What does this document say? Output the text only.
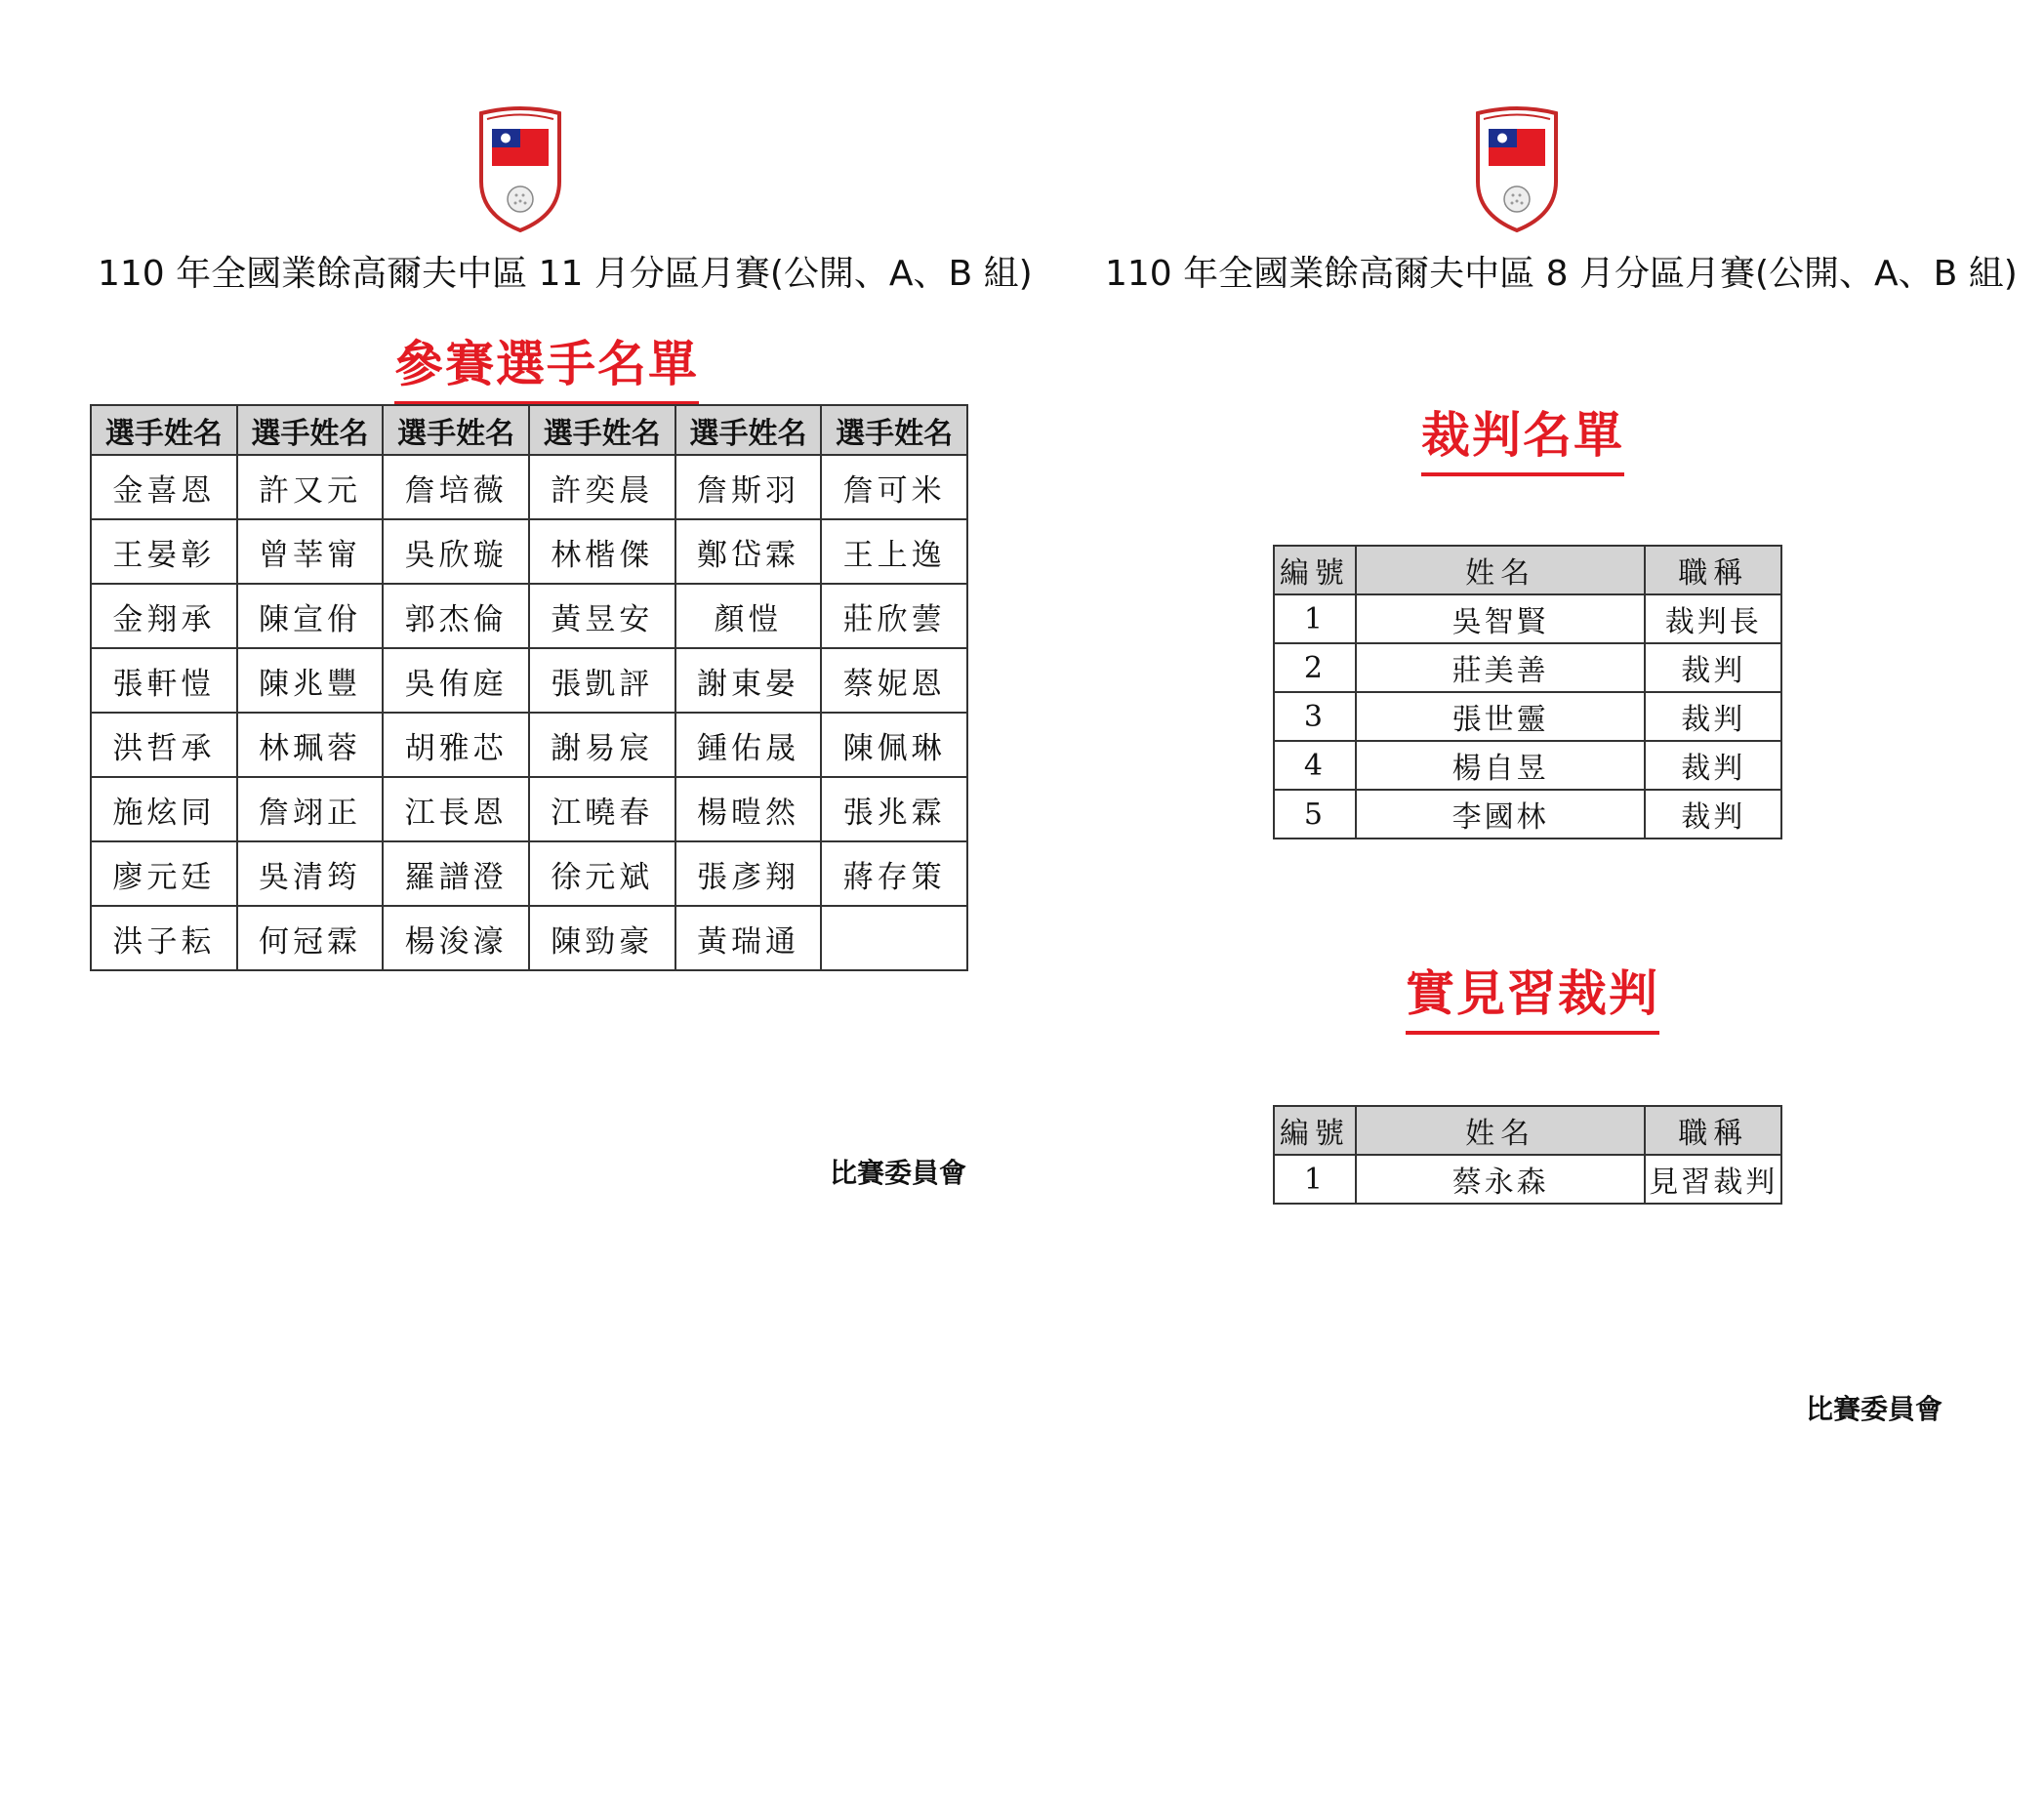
110 年全國業餘高爾夫中區 11 月分區月賽(公開、A、B 組)
參賽選手名單
選手姓名	選手姓名	選手姓名	選手姓名	選手姓名	選手姓名
金喜恩	許又元	詹培薇	許奕晨	詹斯羽	詹可米
王晏彰	曾莘甯	吳欣璇	林楷傑	鄭岱霖	王上逸
金翔承	陳宣佾	郭杰倫	黃昱安	顏愷	莊欣蕓
張軒愷	陳兆豐	吳侑庭	張凱評	謝東晏	蔡妮恩
洪哲承	林珮蓉	胡雅芯	謝易宸	鍾佑晟	陳佩琳
施炫同	詹翊正	江長恩	江曉春	楊暟然	張兆霖
廖元廷	吳清筠	羅譜澄	徐元斌	張彥翔	蔣存策
洪子耘	何冠霖	楊浚濠	陳勁豪	黃瑞通	
比賽委員會
110 年全國業餘高爾夫中區 8 月分區月賽(公開、A、B 組)
裁判名單
編號	姓名	職稱
1	吳智賢	裁判長
2	莊美善	裁判
3	張世靈	裁判
4	楊自昱	裁判
5	李國林	裁判
實見習裁判
編號	姓名	職稱
1	蔡永森	見習裁判
比賽委員會
